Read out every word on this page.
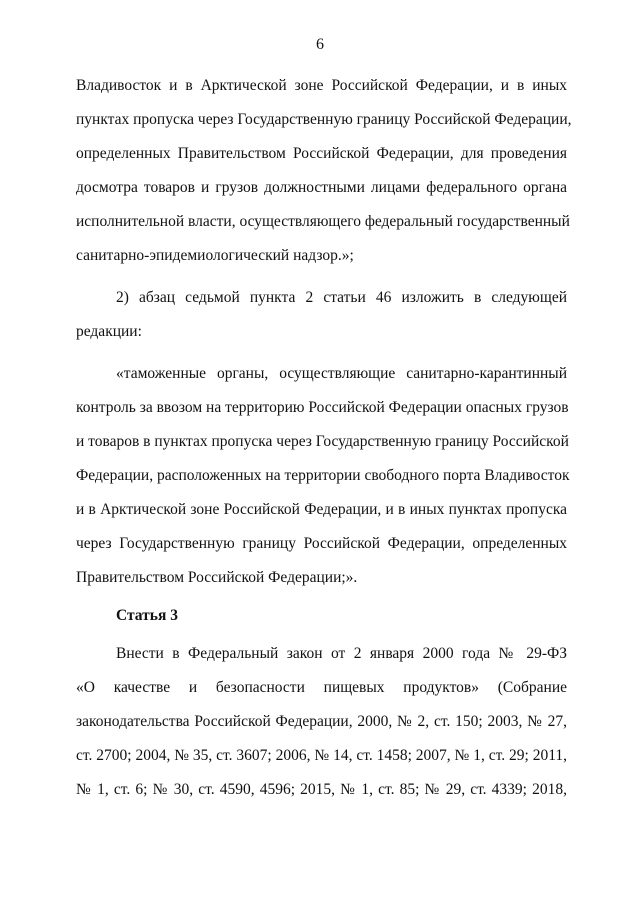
6
Владивосток и в Арктической зоне Российской Федерации, и в иных
пунктах пропуска через Государственную границу Российской Федерации,
определенных Правительством Российской Федерации, для проведения
досмотра товаров и грузов должностными лицами федерального органа
исполнительной власти, осуществляющего федеральный государственный
санитарно-эпидемиологический надзор.»;
2) абзац седьмой пункта 2 статьи 46 изложить в следующей
редакции:
«таможенные органы, осуществляющие санитарно-карантинный
контроль за ввозом на территорию Российской Федерации опасных грузов
и товаров в пунктах пропуска через Государственную границу Российской
Федерации, расположенных на территории свободного порта Владивосток
и в Арктической зоне Российской Федерации, и в иных пунктах пропуска
через Государственную границу Российской Федерации, определенных
Правительством Российской Федерации;».
Статья 3
Внести в Федеральный закон от 2 января 2000 года № 29-ФЗ
«О качестве и безопасности пищевых продуктов» (Собрание
законодательства Российской Федерации, 2000, № 2, ст. 150; 2003, № 27,
ст. 2700; 2004, № 35, ст. 3607; 2006, № 14, ст. 1458; 2007, № 1, ст. 29; 2011,
№ 1, ст. 6; № 30, ст. 4590, 4596; 2015, № 1, ст. 85; № 29, ст. 4339; 2018,
